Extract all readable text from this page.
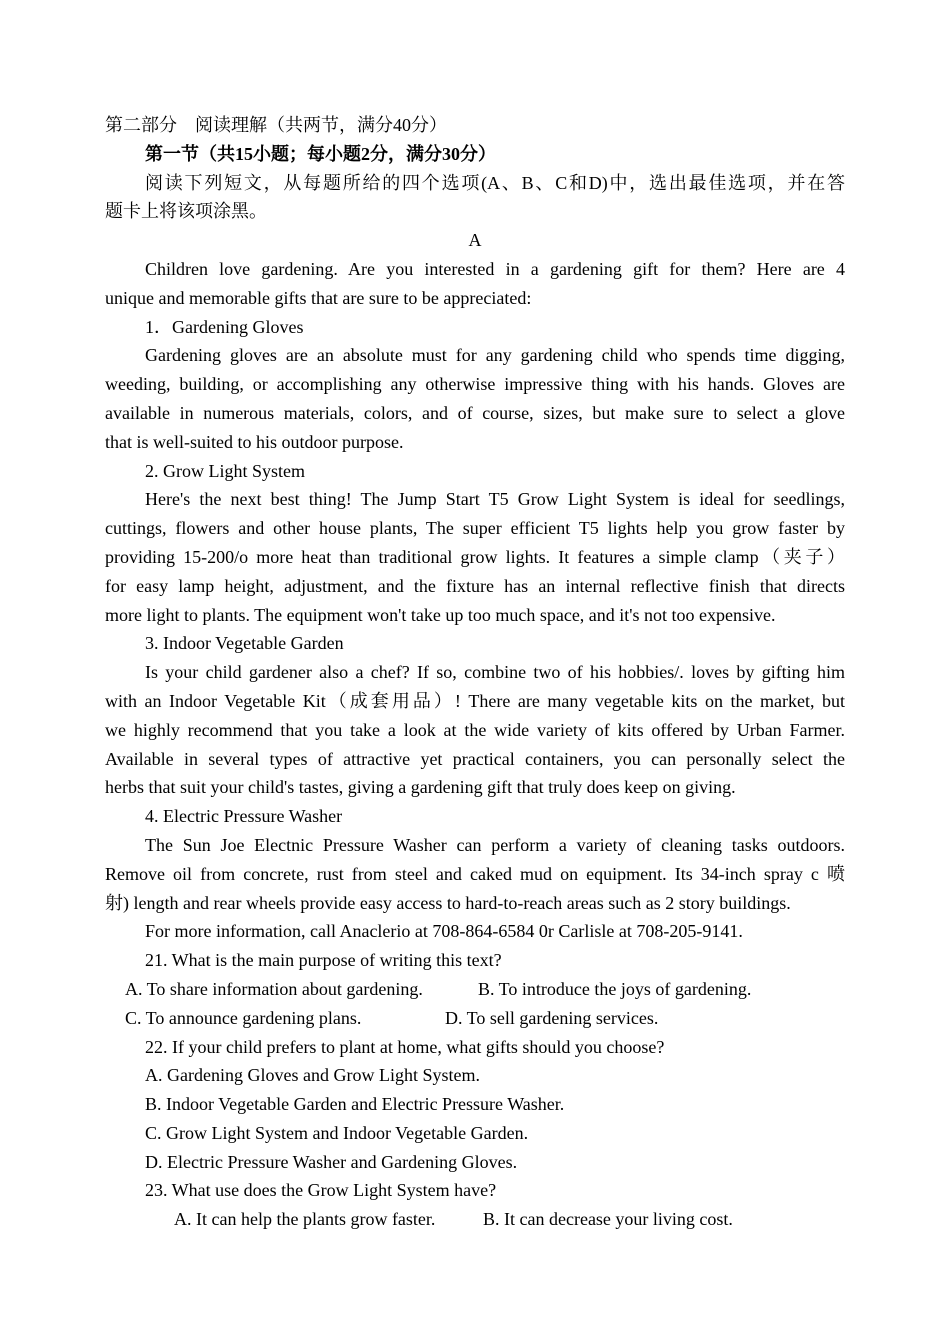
第二部分　阅读理解（共两节，满分40分）
第一节（共15小题；每小题2分，满分30分）
阅读下列短文，从每题所给的四个选项(A、B、C和D)中，选出最佳选项，并在答
题卡上将该项涂黑。
A
Children love gardening. Are you interested in a gardening gift for them? Here are 4
unique and memorable gifts that are sure to be appreciated:
1．Gardening Gloves
Gardening gloves are an absolute must for any gardening child who spends time digging,
weeding, building, or accomplishing any otherwise impressive thing with his hands. Gloves are
available in numerous materials, colors, and of course, sizes, but make sure to select a glove
that is well-suited to his outdoor purpose.
2. Grow Light System
Here's the next best thing! The Jump Start T5 Grow Light System is ideal for seedlings,
cuttings, flowers and other house plants, The super efficient T5 lights help you grow faster by
providing 15-200/o more heat than traditional grow lights. It features a simple clamp（夹子）
for easy lamp height, adjustment, and the fixture has an internal reflective finish that directs
more light to plants. The equipment won't take up too much space, and it's not too expensive.
3. Indoor Vegetable Garden
Is your child gardener also a chef? If so, combine two of his hobbies/. loves by gifting him
with an Indoor Vegetable Kit（成套用品）! There are many vegetable kits on the market, but
we highly recommend that you take a look at the wide variety of kits offered by Urban Farmer.
Available in several types of attractive yet practical containers, you can personally select the
herbs that suit your child's tastes, giving a gardening gift that truly does keep on giving.
4. Electric Pressure Washer
The Sun Joe Electnic Pressure Washer can perform a variety of cleaning tasks outdoors.
Remove oil from concrete, rust from steel and caked mud on equipment. Its 34-inch spray c 喷
射) length and rear wheels provide easy access to hard-to-reach areas such as 2 story buildings.
For more information, call Anaclerio at 708-864-6584 0r Carlisle at 708-205-9141.
21. What is the main purpose of writing this text?
A. To share information about gardening.	B. To introduce the joys of gardening.
C. To announce gardening plans.	D. To sell gardening services.
22. If your child prefers to plant at home, what gifts should you choose?
A. Gardening Gloves and Grow Light System.
B. Indoor Vegetable Garden and Electric Pressure Washer.
C. Grow Light System and Indoor Vegetable Garden.
D. Electric Pressure Washer and Gardening Gloves.
23. What use does the Grow Light System have?
A. It can help the plants grow faster.	B. It can decrease your living cost.
